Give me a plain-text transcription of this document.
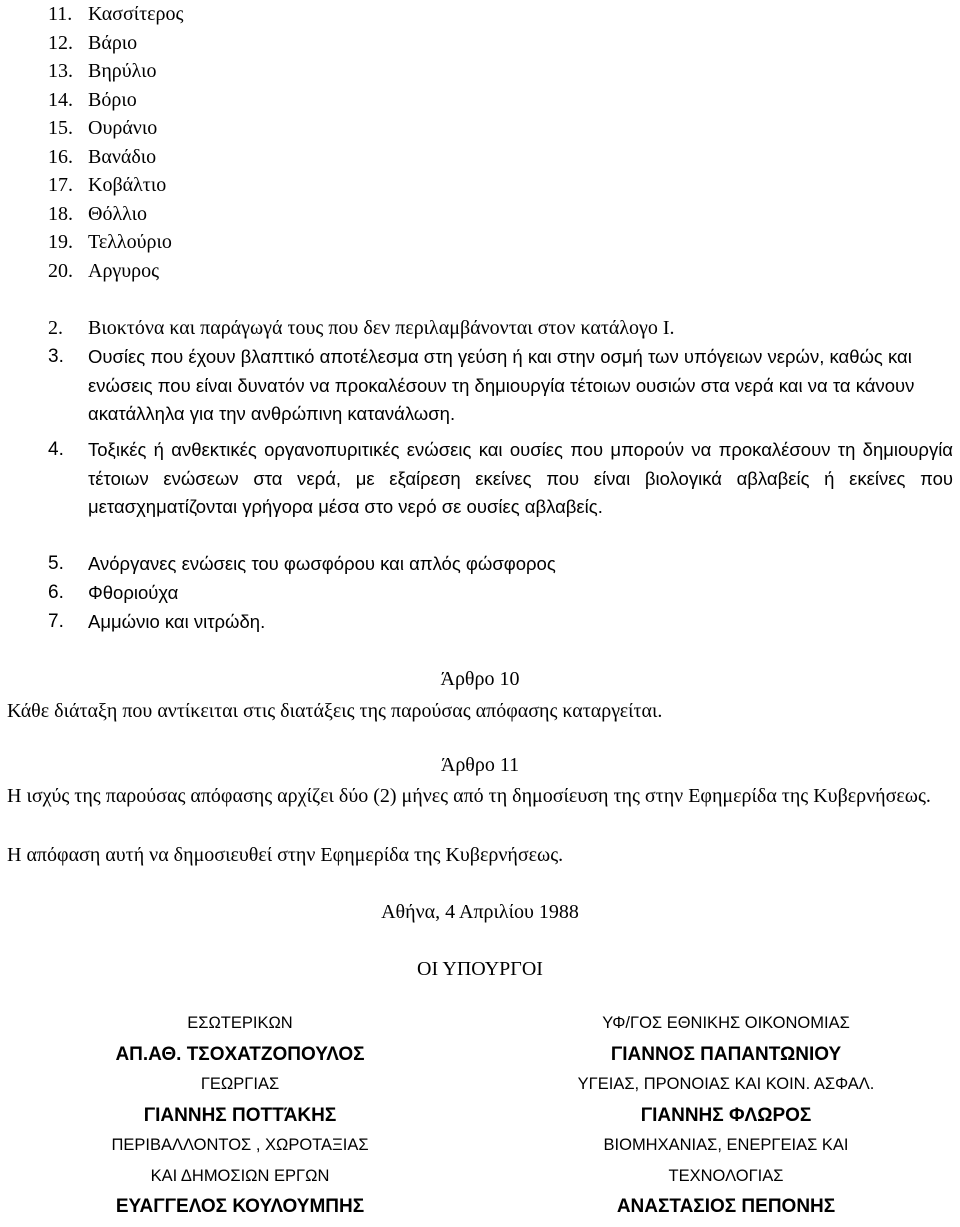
11. Κασσίτερος
12. Βάριο
13. Βηρύλιο
14. Βόριο
15. Ουράνιο
16. Βανάδιο
17. Κοβάλτιο
18. Θόλλιο
19. Τελλούριο
20. Αργυρος
2. Βιοκτόνα και παράγωγά τους που δεν περιλαμβάνονται στον κατάλογο Ι.
3. Ουσίες που έχουν βλαπτικό αποτέλεσμα στη γεύση ή και στην οσμή των υπόγειων νερών, καθώς και ενώσεις που είναι δυνατόν να προκαλέσουν τη δημιουργία τέτοιων ουσιών στα νερά και να τα κάνουν ακατάλληλα για την ανθρώπινη κατανάλωση.
4. Τοξικές ή ανθεκτικές οργανοπυριτικές ενώσεις και ουσίες που μπορούν να προκαλέσουν τη δημιουργία τέτοιων ενώσεων στα νερά, με εξαίρεση εκείνες που είναι βιολογικά αβλαβείς ή εκείνες που μετασχηματίζονται γρήγορα μέσα στο νερό σε ουσίες αβλαβείς.
5. Ανόργανες ενώσεις του φωσφόρου και απλός φώσφορος
6. Φθοριούχα
7. Αμμώνιο και νιτρώδη.
Άρθρο 10
Κάθε διάταξη που αντίκειται στις διατάξεις της παρούσας απόφασης καταργείται.
Άρθρο 11
Η ισχύς της παρούσας απόφασης αρχίζει δύο (2) μήνες από τη δημοσίευση της στην Εφημερίδα της Κυβερνήσεως.
Η απόφαση αυτή να δημοσιευθεί στην Εφημερίδα της Κυβερνήσεως.
Αθήνα, 4 Απριλίου 1988
ΟΙ ΥΠΟΥΡΓΟΙ
ΕΣΩΤΕΡΙΚΩΝ
ΑΠ.ΑΘ. ΤΣΟΧΑΤΖΟΠΟΥΛΟΣ
ΓΕΩΡΓΙΑΣ
ΓΙΑΝΝΗΣ ΠΟΤΤΆΚΗΣ
ΠΕΡΙΒΑΛΛΟΝΤΟΣ , ΧΩΡΟΤΑΞΙΑΣ
ΚΑΙ ΔΗΜΟΣΙΩΝ ΕΡΓΩΝ
ΕΥΑΓΓΕΛΟΣ ΚΟΥΛΟΥΜΠΗΣ
ΥΦ/ΓΟΣ ΕΘΝΙΚΗΣ ΟΙΚΟΝΟΜΙΑΣ
ΓΙΑΝΝΟΣ ΠΑΠΑΝΤΩΝΙΟΥ
ΥΓΕΙΑΣ, ΠΡΟΝΟΙΑΣ ΚΑΙ ΚΟΙΝ. ΑΣΦΑΛ.
ΓΙΑΝΝΗΣ ΦΛΩΡΟΣ
ΒΙΟΜΗΧΑΝΙΑΣ, ΕΝΕΡΓΕΙΑΣ ΚΑΙ
ΤΕΧΝΟΛΟΓΙΑΣ
ΑΝΑΣΤΑΣΙΟΣ ΠΕΠΟΝΗΣ
